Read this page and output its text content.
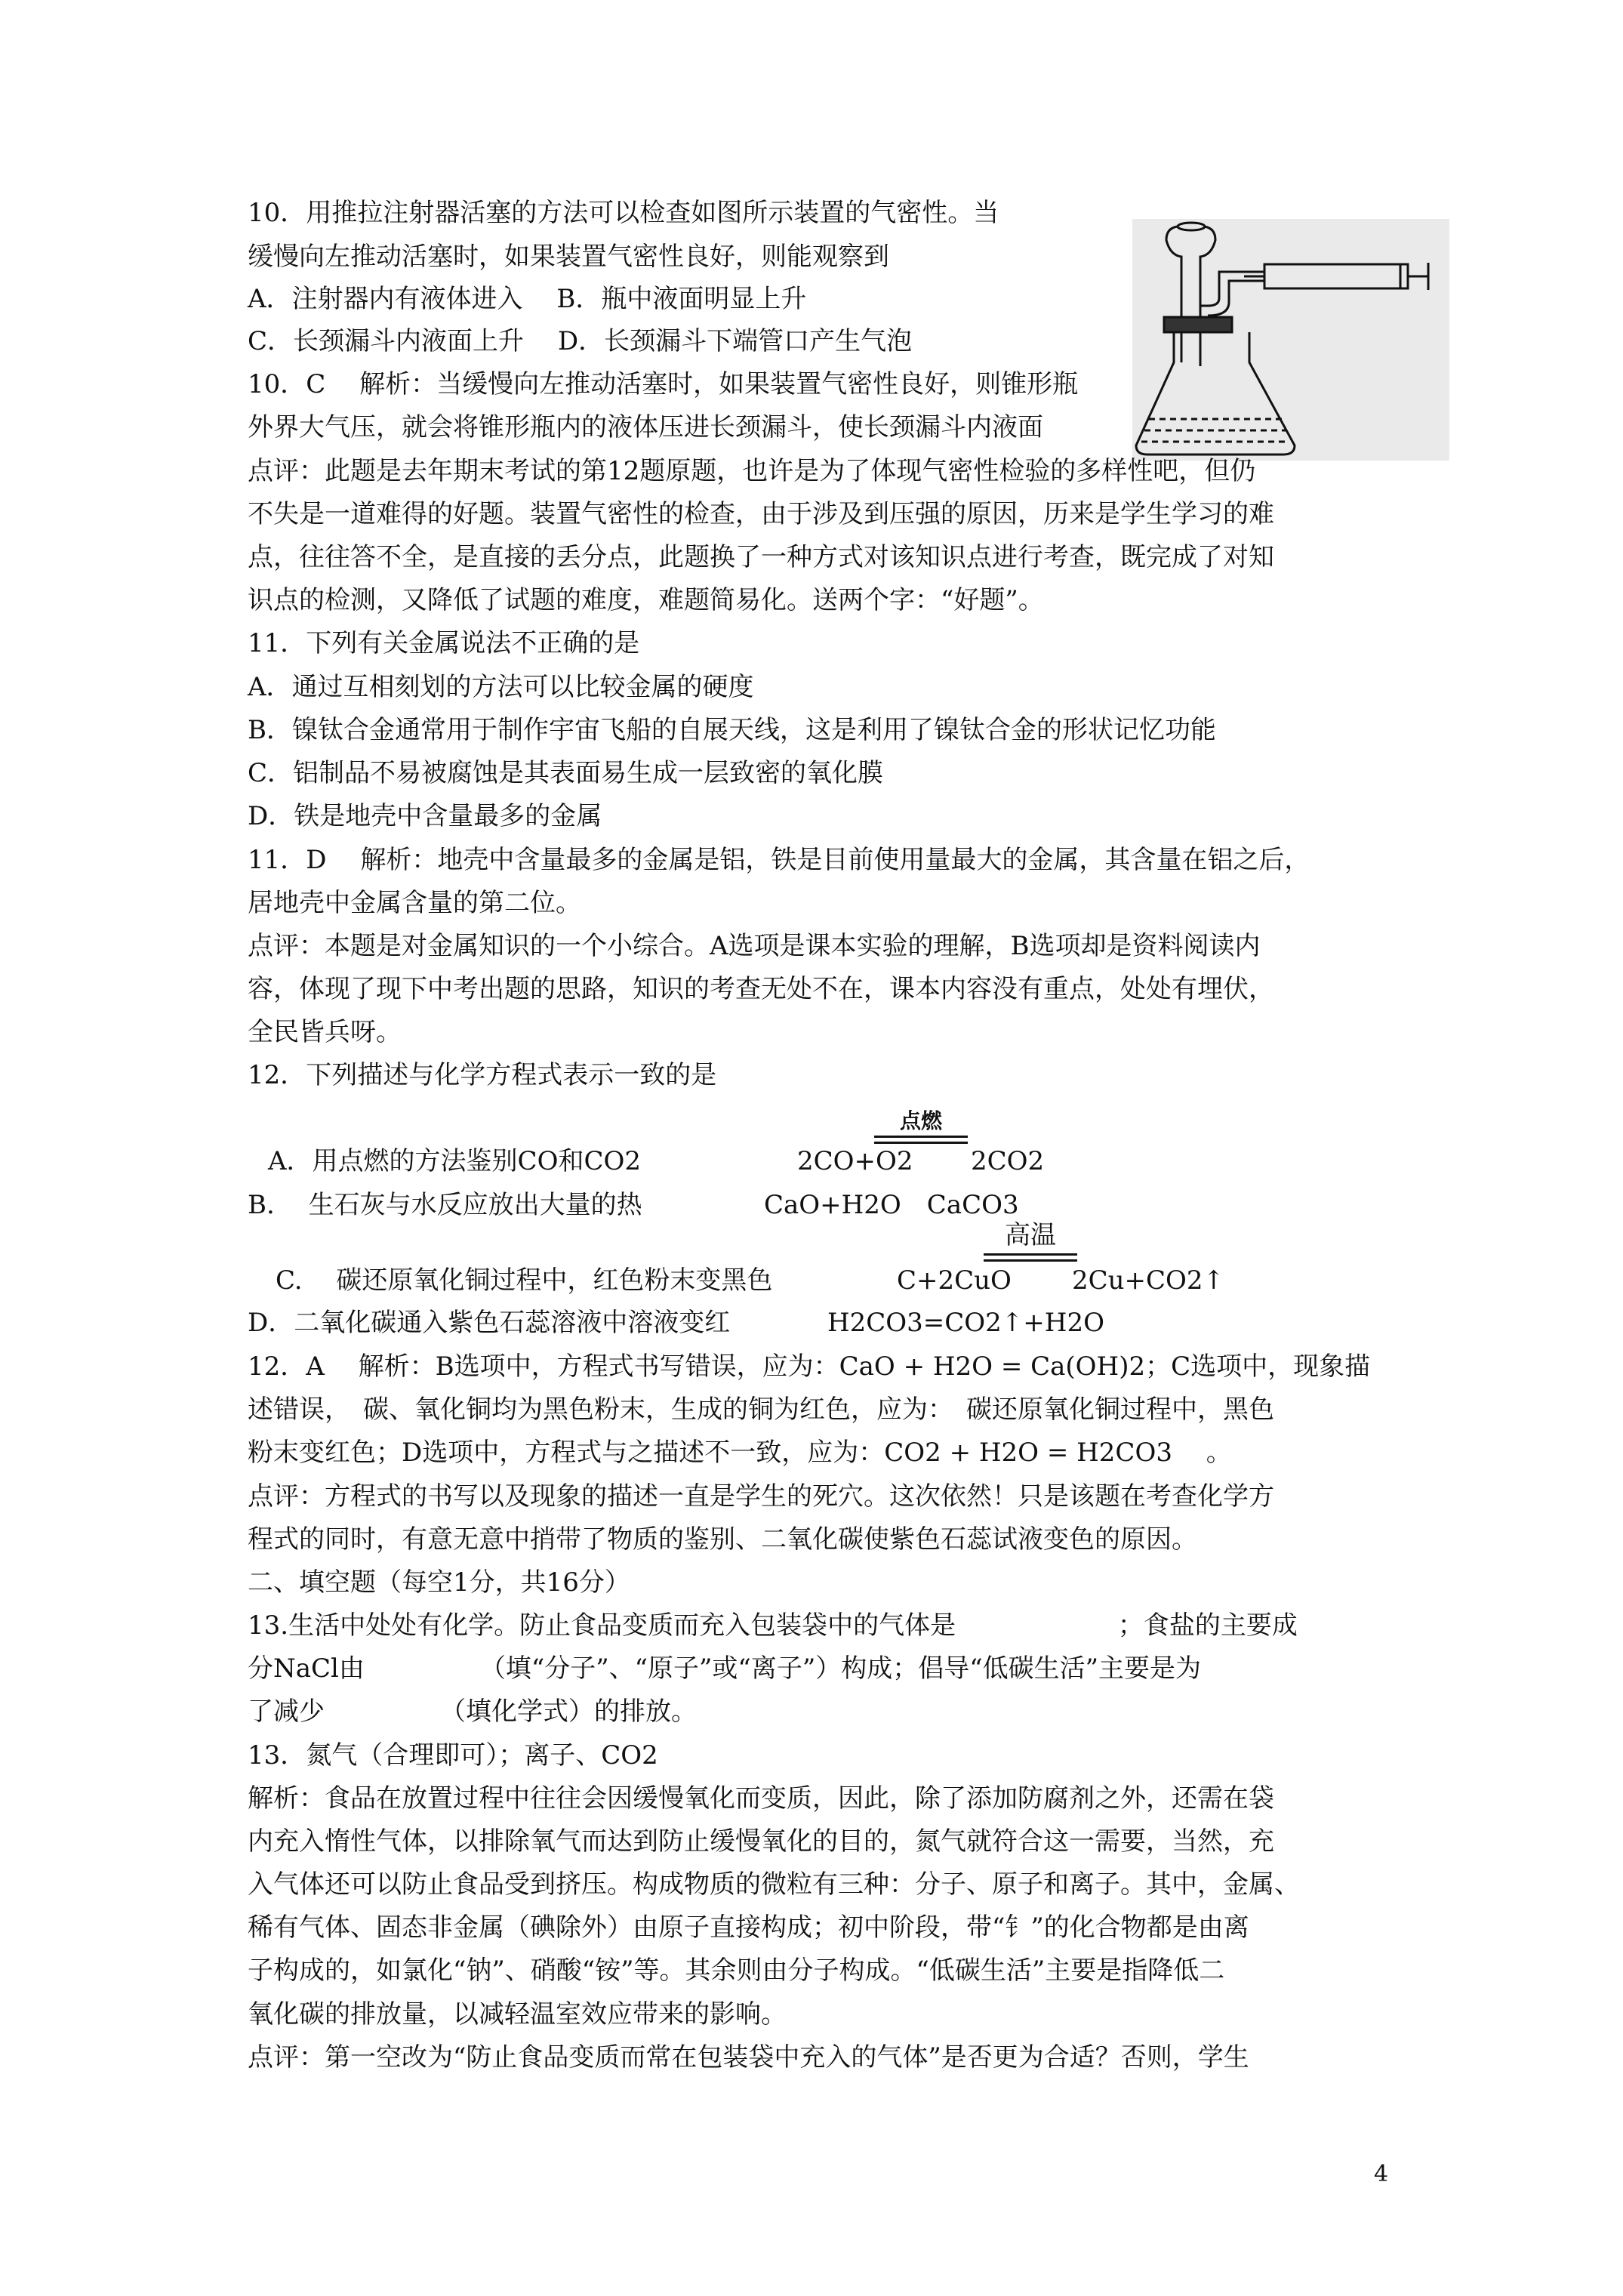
10．用推拉注射器活塞的方法可以检查如图所示装置的气密性。当
缓慢向左推动活塞时，如果装置气密性良好，则能观察到
A．注射器内有液体进入　 B．瓶中液面明显上升
C．长颈漏斗内液面上升　 D．长颈漏斗下端管口产生气泡
10．C　 解析：当缓慢向左推动活塞时，如果装置气密性良好，则锥形瓶
外界大气压，就会将锥形瓶内的液体压进长颈漏斗，使长颈漏斗内液面
点评：此题是去年期末考试的第12题原题，也许是为了体现气密性检验的多样性吧，但仍
不失是一道难得的好题。装置气密性的检查，由于涉及到压强的原因，历来是学生学习的难
点，往往答不全，是直接的丢分点，此题换了一种方式对该知识点进行考查，既完成了对知
识点的检测，又降低了试题的难度，难题简易化。送两个字：“好题”。
11．下列有关金属说法不正确的是
A．通过互相刻划的方法可以比较金属的硬度
B．镍钛合金通常用于制作宇宙飞船的自展天线，这是利用了镍钛合金的形状记忆功能
C．铝制品不易被腐蚀是其表面易生成一层致密的氧化膜
D．铁是地壳中含量最多的金属
11．D　 解析：地壳中含量最多的金属是铝，铁是目前使用量最大的金属，其含量在铝之后，
居地壳中金属含量的第二位。
点评：本题是对金属知识的一个小综合。A选项是课本实验的理解，B选项却是资料阅读内
容，体现了现下中考出题的思路，知识的考查无处不在，课本内容没有重点，处处有埋伏，
全民皆兵呀。
12．下列描述与化学方程式表示一致的是
点燃
A．用点燃的方法鉴别CO和CO2	2CO+O2 2CO2
B.　 生石灰与水反应放出大量的热	CaO+H2O　CaCO3
高温
C.　 碳还原氧化铜过程中，红色粉末变黑色	C+2CuO 2Cu+CO2↑
D．二氧化碳通入紫色石蕊溶液中溶液变红	H2CO3=CO2↑+H2O
12．A　 解析：B选项中，方程式书写错误，应为：CaO + H2O = Ca(OH)2；C选项中，现象描
述错误，　碳、氧化铜均为黑色粉末，生成的铜为红色，应为：　碳还原氧化铜过程中，黑色
粉末变红色；D选项中，方程式与之描述不一致，应为：CO2 + H2O = H2CO3　 。
点评：方程式的书写以及现象的描述一直是学生的死穴。这次依然！只是该题在考查化学方
程式的同时，有意无意中捎带了物质的鉴别、二氧化碳使紫色石蕊试液变色的原因。
二、填空题（每空1分，共16分）
13.生活中处处有化学。防止食品变质而充入包装袋中的气体是　　　　　　 ；食盐的主要成
分NaCl由　　　　　（填“分子”、“原子”或“离子”）构成；倡导“低碳生活”主要是为
了减少　　　　　（填化学式）的排放。
13．氮气（合理即可）；离子、CO2
解析：食品在放置过程中往往会因缓慢氧化而变质，因此，除了添加防腐剂之外，还需在袋
内充入惰性气体，以排除氧气而达到防止缓慢氧化的目的，氮气就符合这一需要，当然，充
入气体还可以防止食品受到挤压。构成物质的微粒有三种：分子、原子和离子。其中，金属、
稀有气体、固态非金属（碘除外）由原子直接构成；初中阶段，带“钅”的化合物都是由离
子构成的，如氯化“钠”、硝酸“铵”等。其余则由分子构成。“低碳生活”主要是指降低二
氧化碳的排放量，以减轻温室效应带来的影响。
点评：第一空改为“防止食品变质而常在包装袋中充入的气体”是否更为合适？否则，学生
4
